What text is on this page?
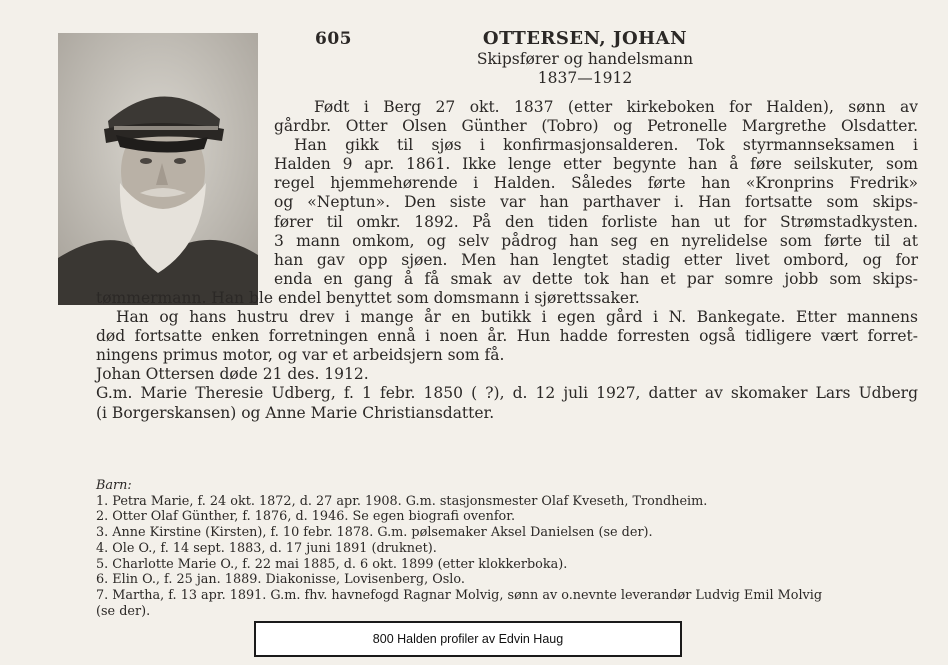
605	OTTERSEN, JOHAN
Skipsfører og handelsmann
1837—1912
Født i Berg 27 okt. 1837 (etter kirkeboken for Halden), sønn av
gårdbr. Otter Olsen Günther (Tobro) og Petronelle Margrethe Olsdatter.
Han gikk til sjøs i konfirmasjonsalderen. Tok styrmannseksamen i
Halden 9 apr. 1861. Ikke lenge etter begynte han å føre seilskuter, som
regel hjemmehørende i Halden. Således førte han «Kronprins Fredrik»
og «Neptun». Den siste var han parthaver i. Han fortsatte som skips-
fører til omkr. 1892. På den tiden forliste han ut for Strømstadkysten.
3 mann omkom, og selv pådrog han seg en nyrelidelse som førte til at
han gav opp sjøen. Men han lengtet stadig etter livet ombord, og for
enda en gang å få smak av dette tok han et par somre jobb som skips-
tømmermann. Han ble endel benyttet som domsmann i sjørettssaker.
Han og hans hustru drev i mange år en butikk i egen gård i N. Bankegate. Etter mannens
død fortsatte enken forretningen ennå i noen år. Hun hadde forresten også tidligere vært forret-
ningens primus motor, og var et arbeidsjern som få.
Johan Ottersen døde 21 des. 1912.
G.m. Marie Theresie Udberg, f. 1 febr. 1850 ( ?), d. 12 juli 1927, datter av skomaker Lars Udberg
(i Borgerskansen) og Anne Marie Christiansdatter.
Barn:
1. Petra Marie, f. 24 okt. 1872, d. 27 apr. 1908. G.m. stasjonsmester Olaf Kveseth, Trondheim.
2. Otter Olaf Günther, f. 1876, d. 1946. Se egen biografi ovenfor.
3. Anne Kirstine (Kirsten), f. 10 febr. 1878. G.m. pølsemaker Aksel Danielsen (se der).
4. Ole O., f. 14 sept. 1883, d. 17 juni 1891 (druknet).
5. Charlotte Marie O., f. 22 mai 1885, d. 6 okt. 1899 (etter klokkerboka).
6. Elin O., f. 25 jan. 1889. Diakonisse, Lovisenberg, Oslo.
7. Martha, f. 13 apr. 1891. G.m. fhv. havnefogd Ragnar Molvig, sønn av o.nevnte leverandør Ludvig Emil Molvig
(se der).
800 Halden profiler av Edvin Haug
